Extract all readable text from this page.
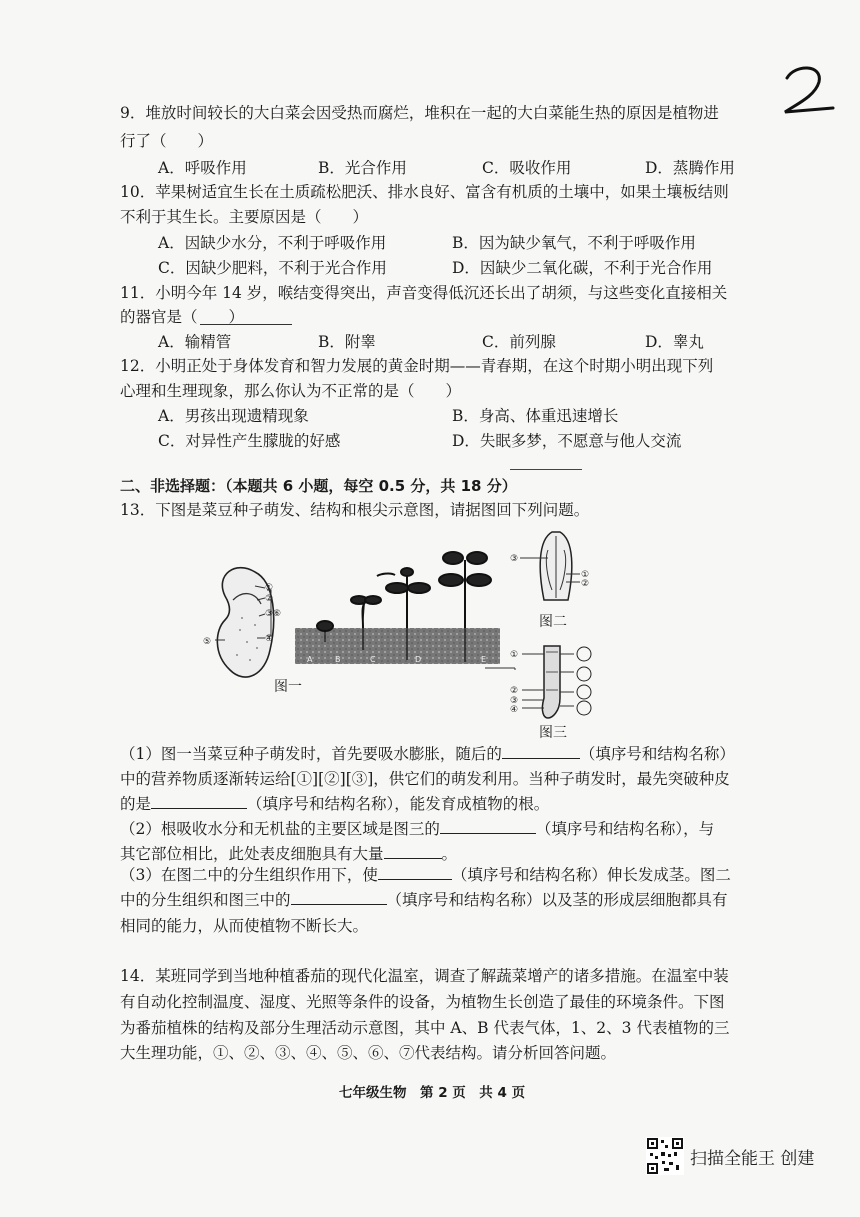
9．堆放时间较长的大白菜会因受热而腐烂，堆积在一起的大白菜能生热的原因是植物进
行了（　　）
A．呼吸作用	B．光合作用	C．吸收作用	D．蒸腾作用
10．苹果树适宜生长在土质疏松肥沃、排水良好、富含有机质的土壤中，如果土壤板结则
不利于其生长。主要原因是（　　）
A．因缺少水分，不利于呼吸作用	B．因为缺少氧气，不利于呼吸作用
C．因缺少肥料，不利于光合作用	D．因缺少二氧化碳，不利于光合作用
11．小明今年 14 岁，喉结变得突出，声音变得低沉还长出了胡须，与这些变化直接相关
的器官是（　　）
A．输精管	B．附睾	C．前列腺	D．睾丸
12．小明正处于身体发育和智力发展的黄金时期——青春期，在这个时期小明出现下列
心理和生理现象，那么你认为不正常的是（　　）
A．男孩出现遗精现象	B．身高、体重迅速增长
C．对异性产生朦胧的好感	D．失眠多梦，不愿意与他人交流
二、非选择题：（本题共 6 小题，每空 0.5 分，共 18 分）
13．下图是菜豆种子萌发、结构和根尖示意图，请据图回下列问题。
①
②
③
④
⑥
⑤
A	B	C	D	E
图一
③
①
②
图二
①
②
③
④
图三
（1）图一当菜豆种子萌发时，首先要吸水膨胀，随后的	（填序号和结构名称）
中的营养物质逐渐转运给[①][②][③]，供它们的萌发利用。当种子萌发时，最先突破种皮
的是	（填序号和结构名称），能发育成植物的根。
（2）根吸收水分和无机盐的主要区域是图三的	（填序号和结构名称），与
其它部位相比，此处表皮细胞具有大量	。
（3）在图二中的分生组织作用下，使	（填序号和结构名称）伸长发成茎。图二
中的分生组织和图三中的	（填序号和结构名称）以及茎的形成层细胞都具有
相同的能力，从而使植物不断长大。
14．某班同学到当地种植番茄的现代化温室，调查了解蔬菜增产的诸多措施。在温室中装
有自动化控制温度、湿度、光照等条件的设备，为植物生长创造了最佳的环境条件。下图
为番茄植株的结构及部分生理活动示意图，其中 A、B 代表气体，1、2、3 代表植物的三
大生理功能，①、②、③、④、⑤、⑥、⑦代表结构。请分析回答问题。
七年级生物　第 2 页　共 4 页
扫描全能王 创建
